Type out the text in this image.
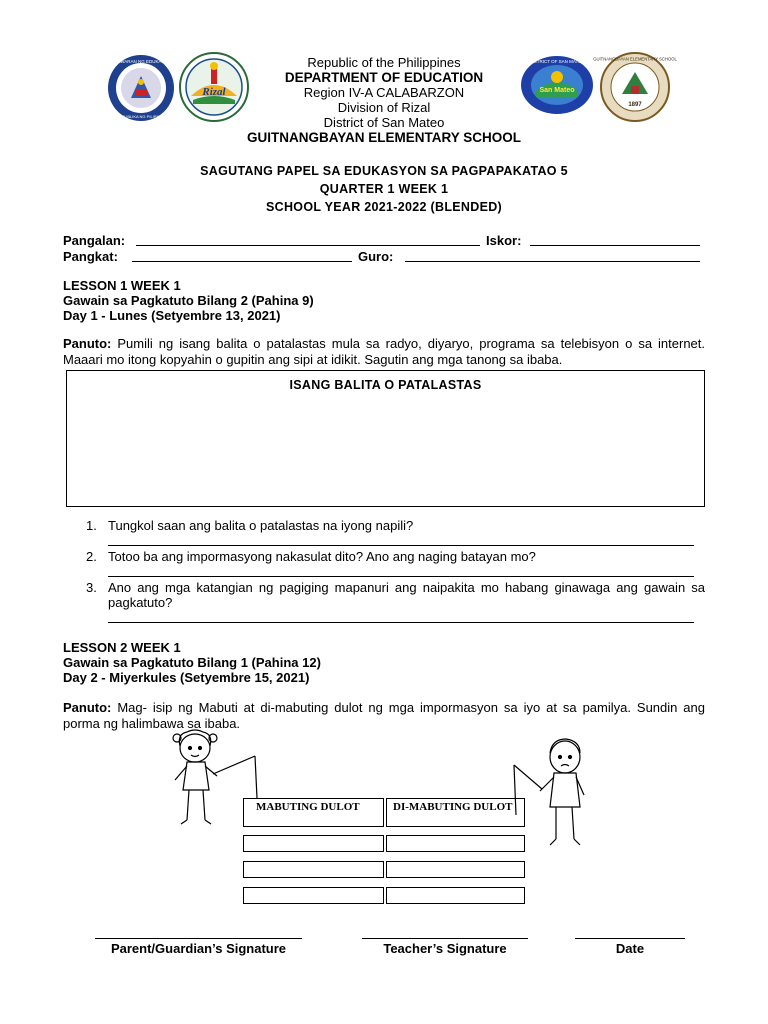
KAGAWARAN NG EDUKASYON
REPUBLIKA NG PILIPINAS
Rizal
DISTRICT OF SAN MATEO
San Mateo
GUITNANGBAYAN ELEMENTARY SCHOOL
1897
Republic of the Philippines
DEPARTMENT OF EDUCATION
Region IV-A CALABARZON
Division of Rizal
District of San Mateo
GUITNANGBAYAN ELEMENTARY SCHOOL
SAGUTANG PAPEL SA EDUKASYON SA PAGPAPAKATAO 5
QUARTER 1 WEEK 1
SCHOOL YEAR 2021-2022 (BLENDED)
Pangalan:	Iskor:
Pangkat:	Guro:
LESSON 1 WEEK 1
Gawain sa Pagkatuto Bilang 2 (Pahina 9)
Day 1 - Lunes (Setyembre 13, 2021)
Panuto: Pumili ng isang balita o patalastas mula sa radyo, diyaryo, programa sa telebisyon o sa internet. Maaari mo itong kopyahin o gupitin ang sipi at idikit. Sagutin ang mga tanong sa ibaba.
ISANG BALITA O PATALASTAS
1. Tungkol saan ang balita o patalastas na iyong napili?
2. Totoo ba ang impormasyong nakasulat dito? Ano ang naging batayan mo?
3. Ano ang mga katangian ng pagiging mapanuri ang naipakita mo habang ginawaga ang gawain sa pagkatuto?
LESSON 2 WEEK 1
Gawain sa Pagkatuto Bilang 1 (Pahina 12)
Day 2 - Miyerkules (Setyembre 15, 2021)
Panuto: Mag- isip ng Mabuti at di-mabuting dulot ng mga impormasyon sa iyo at sa pamilya. Sundin ang porma ng halimbawa sa ibaba.
MABUTING DULOT	DI-MABUTING DULOT
Parent/Guardian’s Signature	Teacher’s Signature	Date
